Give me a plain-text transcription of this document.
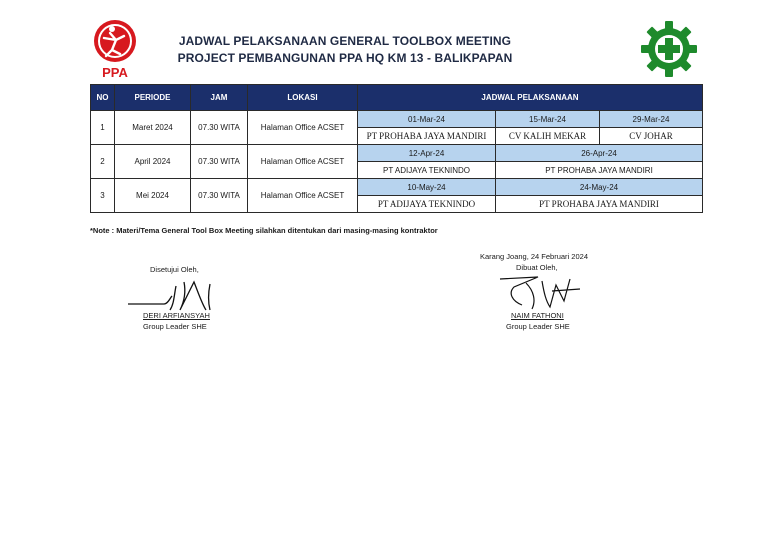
PPA
JADWAL PELAKSANAAN GENERAL TOOLBOX MEETING
PROJECT PEMBANGUNAN PPA HQ KM 13 - BALIKPAPAN
NO	PERIODE	JAM	LOKASI	JADWAL PELAKSANAAN		
1	Maret 2024	07.30 WITA	Halaman Office ACSET	01-Mar-24	15-Mar-24	29-Mar-24
				PT PROHABA JAYA MANDIRI	CV KALIH MEKAR	CV JOHAR
2	April 2024	07.30 WITA	Halaman Office ACSET	12-Apr-24	26-Apr-24	
				PT ADIJAYA TEKNINDO	PT PROHABA JAYA MANDIRI	
3	Mei 2024	07.30 WITA	Halaman Office ACSET	10-May-24	24-May-24	
				PT ADIJAYA TEKNINDO	PT PROHABA JAYA MANDIRI	
*Note : Materi/Tema General Tool Box Meeting silahkan ditentukan dari masing-masing kontraktor
Disetujui Oleh,
DERI ARFIANSYAH
Group Leader SHE
Karang Joang, 24 Februari 2024
Dibuat Oleh,
NAIM FATHONI
Group Leader SHE
